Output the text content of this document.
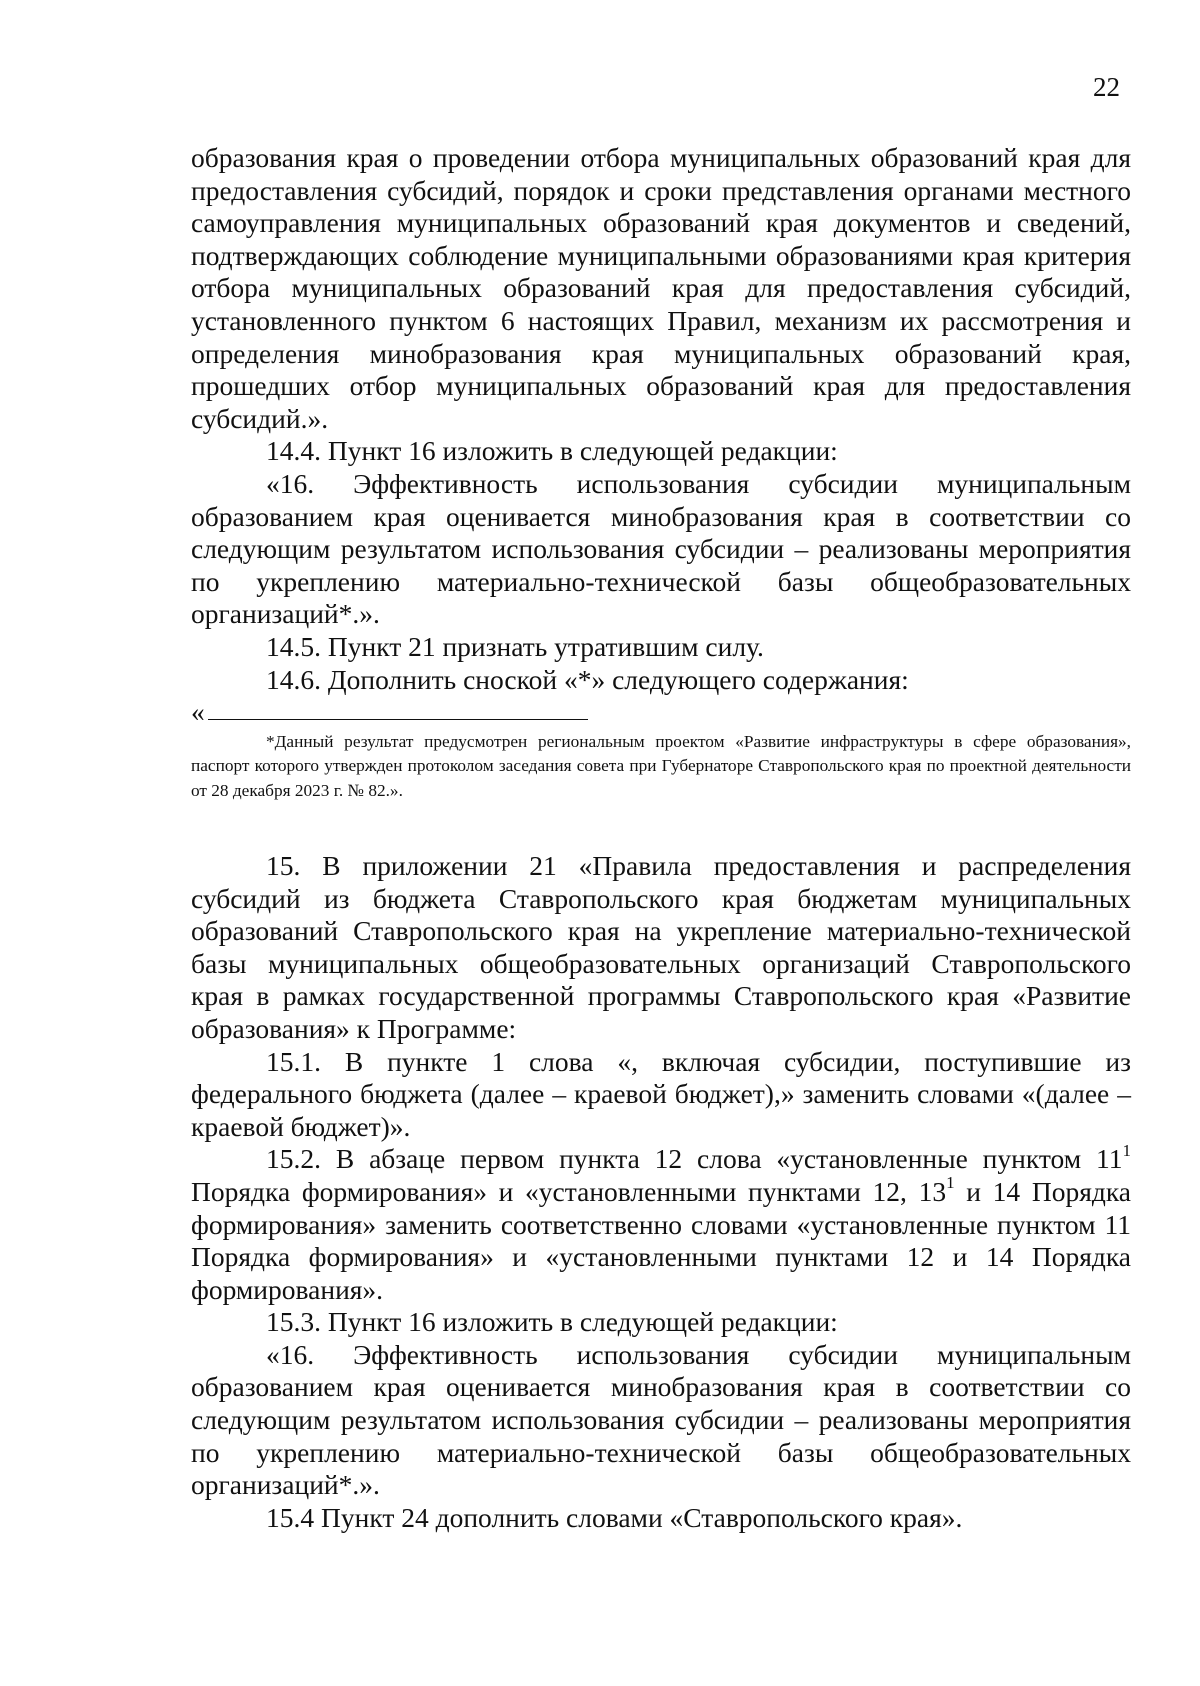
22

образования края о проведении отбора муниципальных образований края для предоставления субсидий, порядок и сроки представления органами местного самоуправления муниципальных образований края документов и сведений, подтверждающих соблюдение муниципальными образованиями края критерия отбора муниципальных образований края для предоставления субсидий, установленного пунктом 6 настоящих Правил, механизм их рассмотрения и определения минобразования края муниципальных образований края, прошедших отбор муниципальных образований края для предоставления субсидий.».

14.4. Пункт 16 изложить в следующей редакции:

«16. Эффективность использования субсидии муниципальным образованием края оценивается минобразования края в соответствии со следующим результатом использования субсидии – реализованы мероприятия по укреплению материально-технической базы общеобразовательных организаций*.».

14.5. Пункт 21 признать утратившим силу.

14.6. Дополнить сноской «*» следующего содержания:

«

*Данный результат предусмотрен региональным проектом «Развитие инфраструктуры в сфере образования», паспорт которого утвержден протоколом заседания совета при Губернаторе Ставропольского края по проектной деятельности от 28 декабря 2023 г. № 82.».

15. В приложении 21 «Правила предоставления и распределения субсидий из бюджета Ставропольского края бюджетам муниципальных образований Ставропольского края на укрепление материально-технической базы муниципальных общеобразовательных организаций Ставропольского края в рамках государственной программы Ставропольского края «Развитие образования» к Программе:

15.1. В пункте 1 слова «, включая субсидии, поступившие из федерального бюджета (далее – краевой бюджет),» заменить словами «(далее – краевой бюджет)».

15.2. В абзаце первом пункта 12 слова «установленные пунктом $11^1$ Порядка формирования» и «установленными пунктами 12, $13^1$ и 14 Порядка формирования» заменить соответственно словами «установленные пунктом 11 Порядка формирования» и «установленными пунктами 12 и 14 Порядка формирования».

15.3. Пункт 16 изложить в следующей редакции:

«16. Эффективность использования субсидии муниципальным образованием края оценивается минобразования края в соответствии со следующим результатом использования субсидии – реализованы мероприятия по укреплению материально-технической базы общеобразовательных организаций*.».

15.4 Пункт 24 дополнить словами «Ставропольского края».
